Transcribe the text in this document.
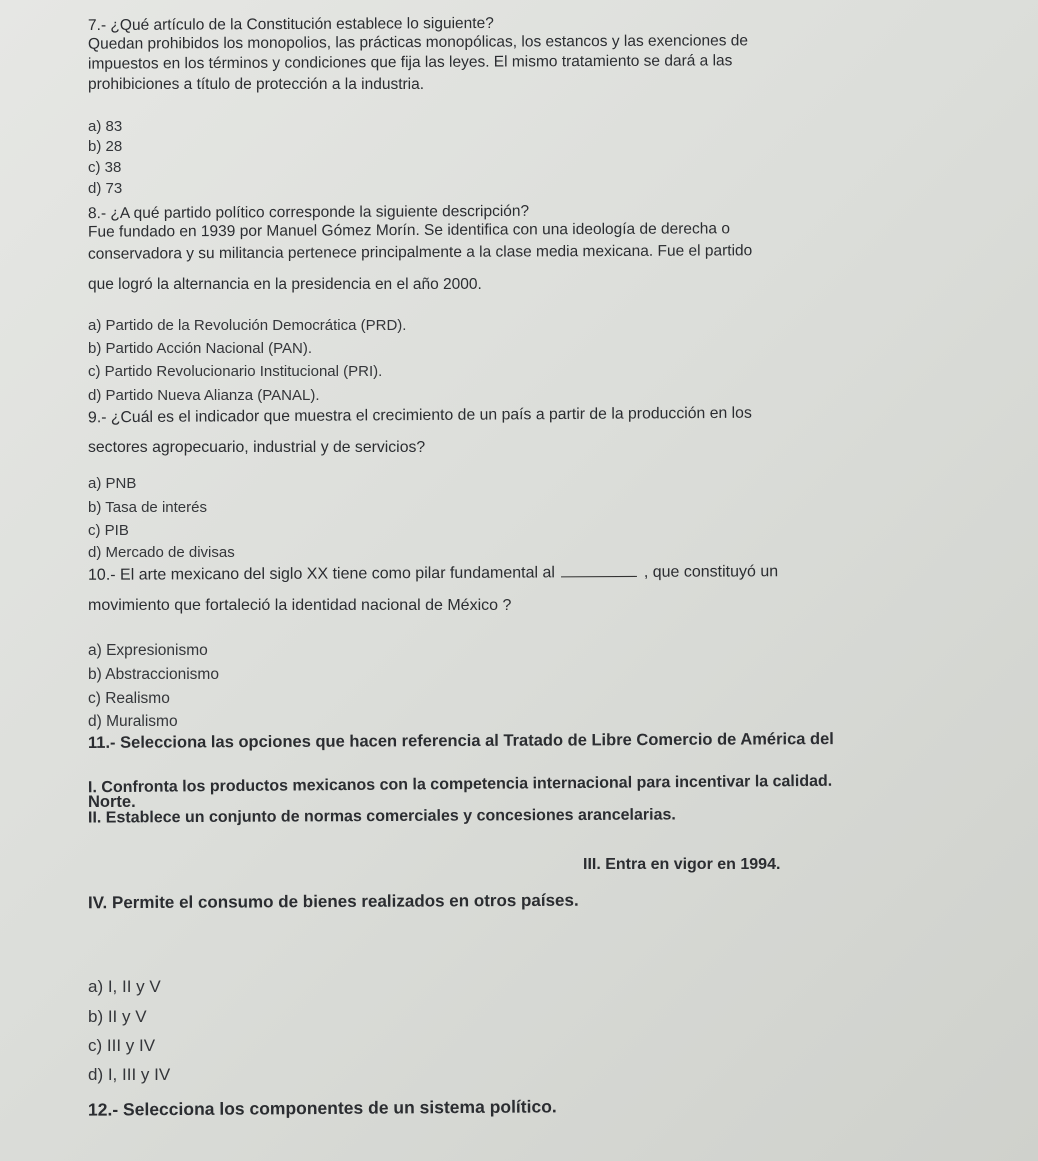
7.- ¿Qué artículo de la Constitución establece lo siguiente?
Quedan prohibidos los monopolios, las prácticas monopólicas, los estancos y las exenciones de
impuestos en los términos y condiciones que fija las leyes. El mismo tratamiento se dará a las
prohibiciones a título de protección a la industria.
a) 83
b) 28
c) 38
d) 73
8.- ¿A qué partido político corresponde la siguiente descripción?
Fue fundado en 1939 por Manuel Gómez Morín. Se identifica con una ideología de derecha o
conservadora y su militancia pertenece principalmente a la clase media mexicana. Fue el partido
que logró la alternancia en la presidencia en el año 2000.
a) Partido de la Revolución Democrática (PRD).
b) Partido Acción Nacional (PAN).
c) Partido Revolucionario Institucional (PRI).
d) Partido Nueva Alianza (PANAL).
9.- ¿Cuál es el indicador que muestra el crecimiento de un país a partir de la producción en los
sectores agropecuario, industrial y de servicios?
a) PNB
b) Tasa de interés
c) PIB
d) Mercado de divisas
10.- El arte mexicano del siglo XX tiene como pilar fundamental al	, que constituyó un
movimiento que fortaleció la identidad nacional de México ?
a) Expresionismo
b) Abstraccionismo
c) Realismo
d) Muralismo
11.- Selecciona las opciones que hacen referencia al Tratado de Libre Comercio de América del
Norte.
I. Confronta los productos mexicanos con la competencia internacional para incentivar la calidad.
II. Establece un conjunto de normas comerciales y concesiones arancelarias.
III. Entra en vigor en 1994.
IV. Permite el consumo de bienes realizados en otros países.
a) I, II y V
b) II y V
c) III y IV
d) I, III y IV
12.- Selecciona los componentes de un sistema político.
